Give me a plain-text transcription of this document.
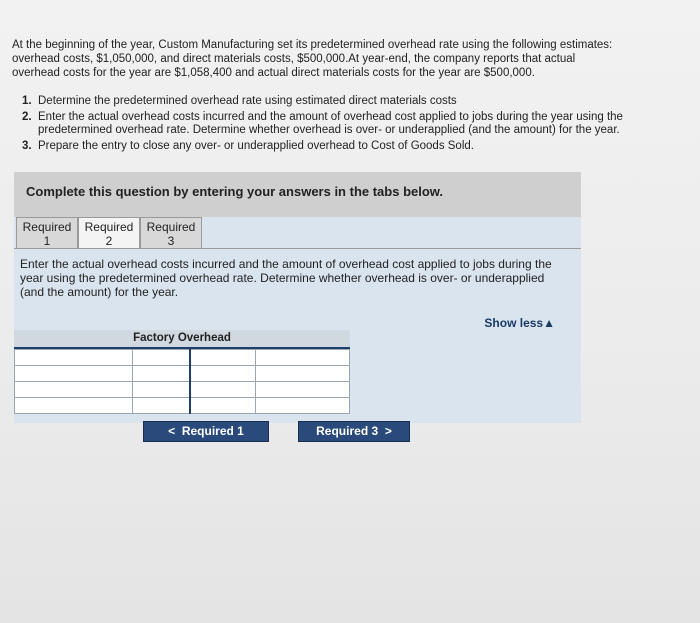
At the beginning of the year, Custom Manufacturing set its predetermined overhead rate using the following estimates:

overhead costs, $1,050,000, and direct materials costs, $500,000.At year-end, the company reports that actual

overhead costs for the year are $1,058,400 and actual direct materials costs for the year are $500,000.

1. Determine the predetermined overhead rate using estimated direct materials costs
2. Enter the actual overhead costs incurred and the amount of overhead cost applied to jobs during the year using the predetermined overhead rate. Determine whether overhead is over- or underapplied (and the amount) for the year.
3. Prepare the entry to close any over- or underapplied overhead to Cost of Goods Sold.
Complete this question by entering your answers in the tabs below.
Required
1
Required
2
Required
3
Enter the actual overhead costs incurred and the amount of overhead cost applied to jobs during the year using the predetermined overhead rate. Determine whether overhead is over- or underapplied (and the amount) for the year.
Show less▲
Factory Overhead

< Required 1	Required 3 >
